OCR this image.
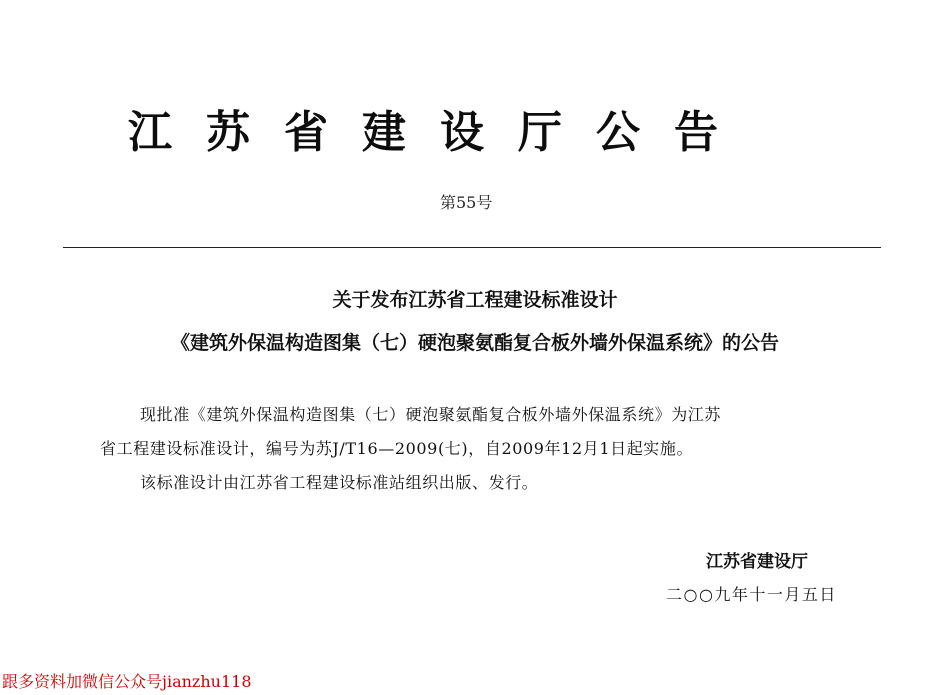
江苏省建设厅公告
第55号
关于发布江苏省工程建设标准设计
《建筑外保温构造图集（七）硬泡聚氨酯复合板外墙外保温系统》的公告
现批准《建筑外保温构造图集（七）硬泡聚氨酯复合板外墙外保温系统》为江苏
省工程建设标准设计，编号为苏J/T16—2009(七)，自2009年12月1日起实施。
该标准设计由江苏省工程建设标准站组织出版、发行。
江苏省建设厅
二○○九年十一月五日
跟多资料加微信公众号jianzhu118
